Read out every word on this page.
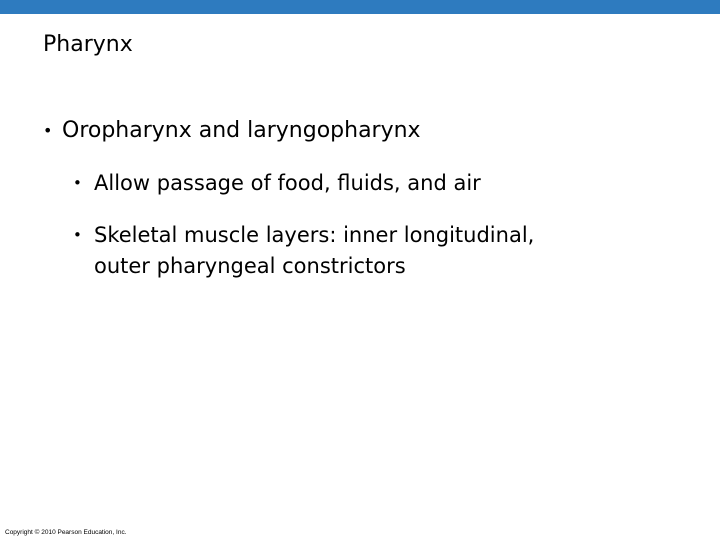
Pharynx
• Oropharynx and laryngopharynx
• Allow passage of food, fluids, and air
• Skeletal muscle layers: inner longitudinal,
outer pharyngeal constrictors
Copyright © 2010 Pearson Education, Inc.
